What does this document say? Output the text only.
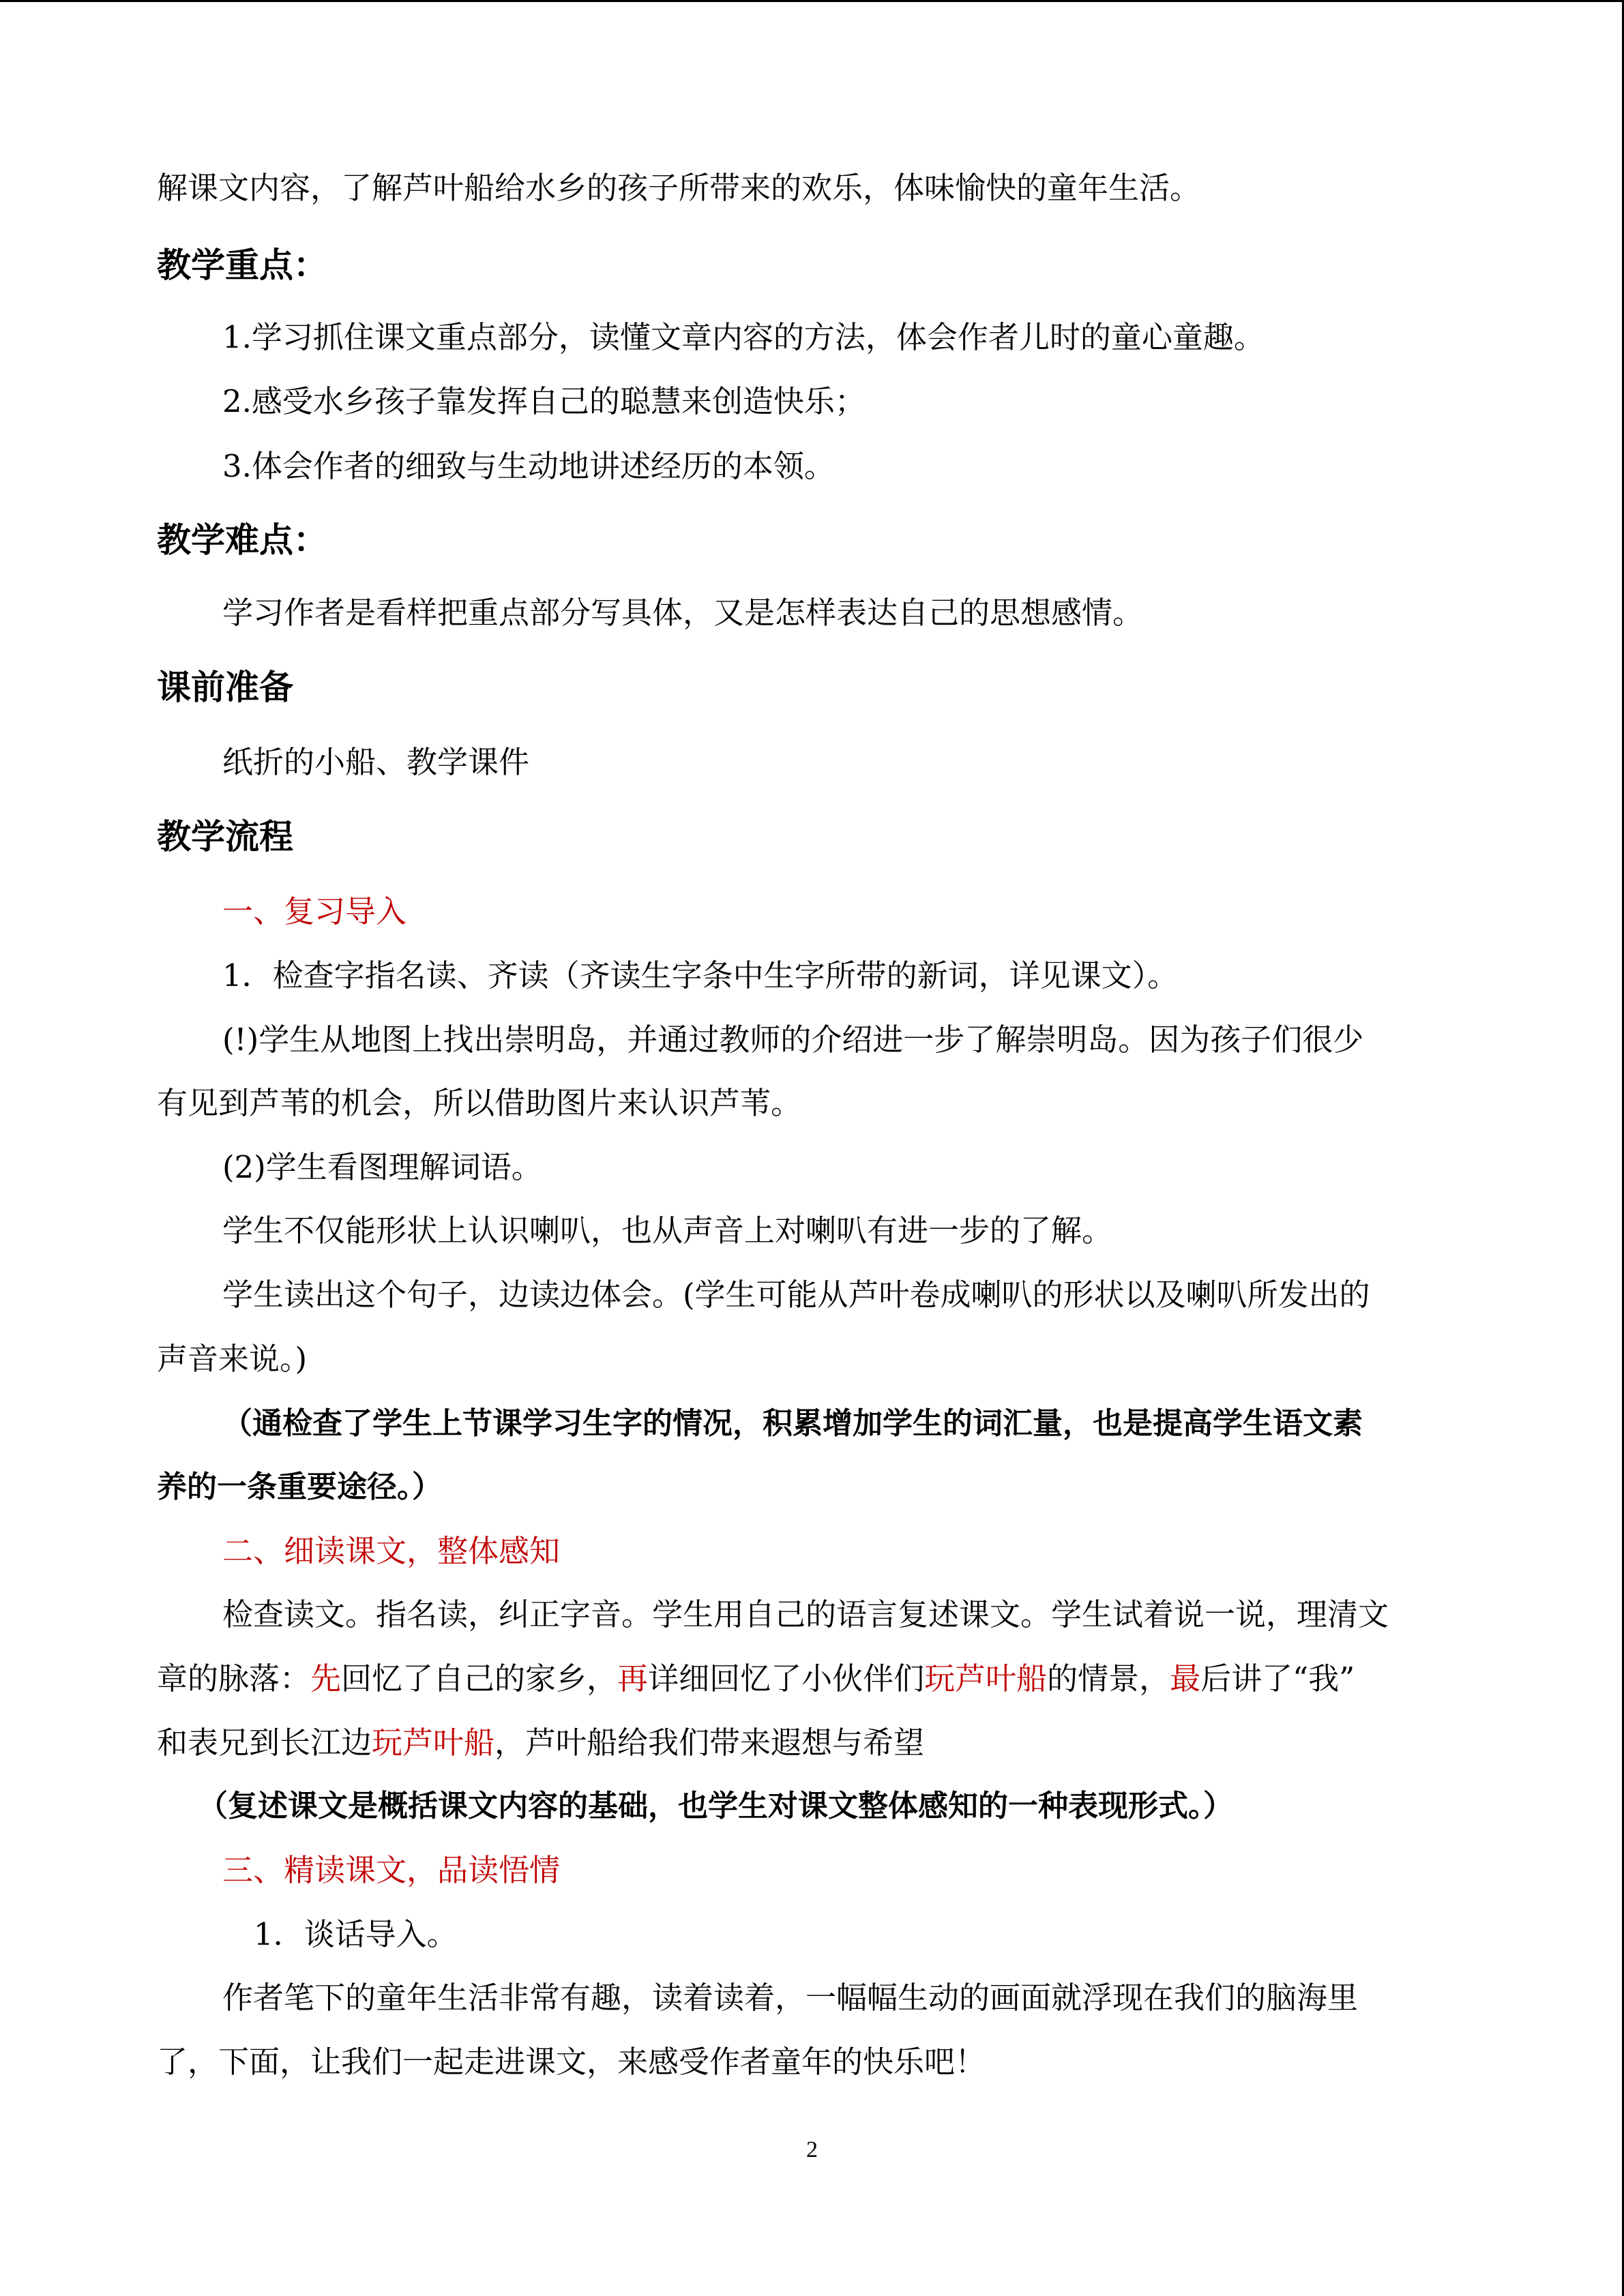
解课文内容，了解芦叶船给水乡的孩子所带来的欢乐，体味愉快的童年生活。
教学重点：
1.学习抓住课文重点部分，读懂文章内容的方法，体会作者儿时的童心童趣。
2.感受水乡孩子靠发挥自己的聪慧来创造快乐；
3.体会作者的细致与生动地讲述经历的本领。
教学难点：
学习作者是看样把重点部分写具体，又是怎样表达自己的思想感情。
课前准备
纸折的小船、教学课件
教学流程
一、复习导入
1．检查字指名读、齐读（齐读生字条中生字所带的新词，详见课文）。
(!)学生从地图上找出崇明岛，并通过教师的介绍进一步了解崇明岛。因为孩子们很少
有见到芦苇的机会，所以借助图片来认识芦苇。
(2)学生看图理解词语。
学生不仅能形状上认识喇叭，也从声音上对喇叭有进一步的了解。
学生读出这个句子，边读边体会。(学生可能从芦叶卷成喇叭的形状以及喇叭所发出的
声音来说。)
（通检查了学生上节课学习生字的情况，积累增加学生的词汇量，也是提高学生语文素
养的一条重要途径。）
二、细读课文，整体感知
检查读文。指名读，纠正字音。学生用自己的语言复述课文。学生试着说一说，理清文
章的脉落：先回忆了自己的家乡，再详细回忆了小伙伴们玩芦叶船的情景，最后讲了“我”
和表兄到长江边玩芦叶船，芦叶船给我们带来遐想与希望
（复述课文是概括课文内容的基础，也学生对课文整体感知的一种表现形式。）
三、精读课文，品读悟情
1．谈话导入。
作者笔下的童年生活非常有趣，读着读着，一幅幅生动的画面就浮现在我们的脑海里
了，下面，让我们一起走进课文，来感受作者童年的快乐吧！
2
